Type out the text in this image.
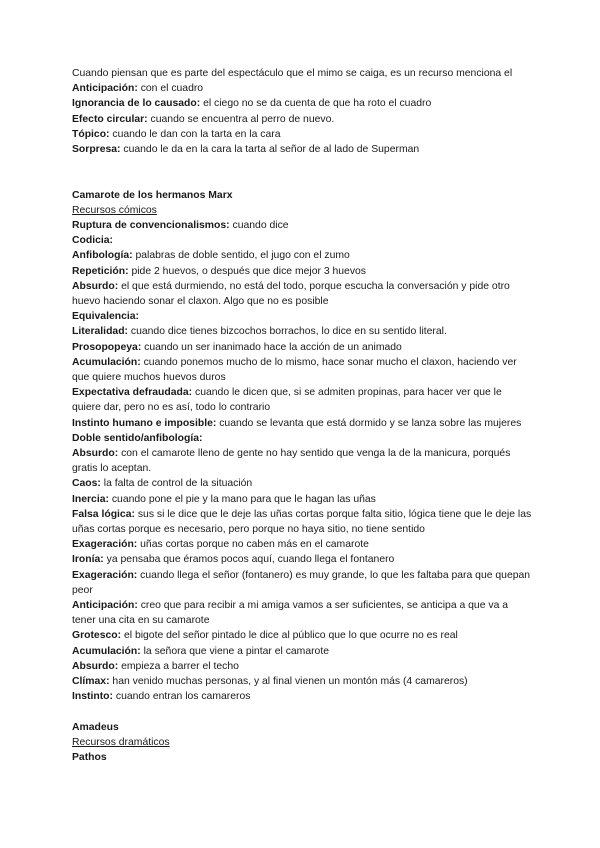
Cuando piensan que es parte del espectáculo que el mimo se caiga, es un recurso menciona el

Anticipación: con el cuadro

Ignorancia de lo causado: el ciego no se da cuenta de que ha roto el cuadro

Efecto circular: cuando se encuentra al perro de nuevo.

Tópico: cuando le dan con la tarta en la cara

Sorpresa: cuando le da en la cara la tarta al señor de al lado de Superman

Camarote de los hermanos Marx

Recursos cómicos

Ruptura de convencionalismos: cuando dice

Codicia:

Anfibología: palabras de doble sentido, el jugo con el zumo

Repetición: pide 2 huevos, o después que dice mejor 3 huevos

Absurdo: el que está durmiendo, no está del todo, porque escucha la conversación y pide otro huevo haciendo sonar el claxon. Algo que no es posible

Equivalencia:

Literalidad: cuando dice tienes bizcochos borrachos, lo dice en su sentido literal.

Prosopopeya: cuando un ser inanimado hace la acción de un animado

Acumulación: cuando ponemos mucho de lo mismo, hace sonar mucho el claxon, haciendo ver que quiere muchos huevos duros

Expectativa defraudada: cuando le dicen que, si se admiten propinas, para hacer ver que le quiere dar, pero no es así, todo lo contrario

Instinto humano e imposible: cuando se levanta que está dormido y se lanza sobre las mujeres

Doble sentido/anfibología:

Absurdo: con el camarote lleno de gente no hay sentido que venga la de la manicura, porqués gratis lo aceptan.

Caos: la falta de control de la situación

Inercia: cuando pone el pie y la mano para que le hagan las uñas

Falsa lógica: sus si le dice que le deje las uñas cortas porque falta sitio, lógica tiene que le deje las uñas cortas porque es necesario, pero porque no haya sitio, no tiene sentido

Exageración: uñas cortas porque no caben más en el camarote

Ironía: ya pensaba que éramos pocos aquí, cuando llega el fontanero

Exageración: cuando llega el señor (fontanero) es muy grande, lo que les faltaba para que quepan peor

Anticipación: creo que para recibir a mi amiga vamos a ser suficientes, se anticipa a que va a tener una cita en su camarote

Grotesco: el bigote del señor pintado le dice al público que lo que ocurre no es real

Acumulación: la señora que viene a pintar el camarote

Absurdo: empieza a barrer el techo

Clímax: han venido muchas personas, y al final vienen un montón más (4 camareros)

Instinto: cuando entran los camareros

Amadeus

Recursos dramáticos

Pathos
